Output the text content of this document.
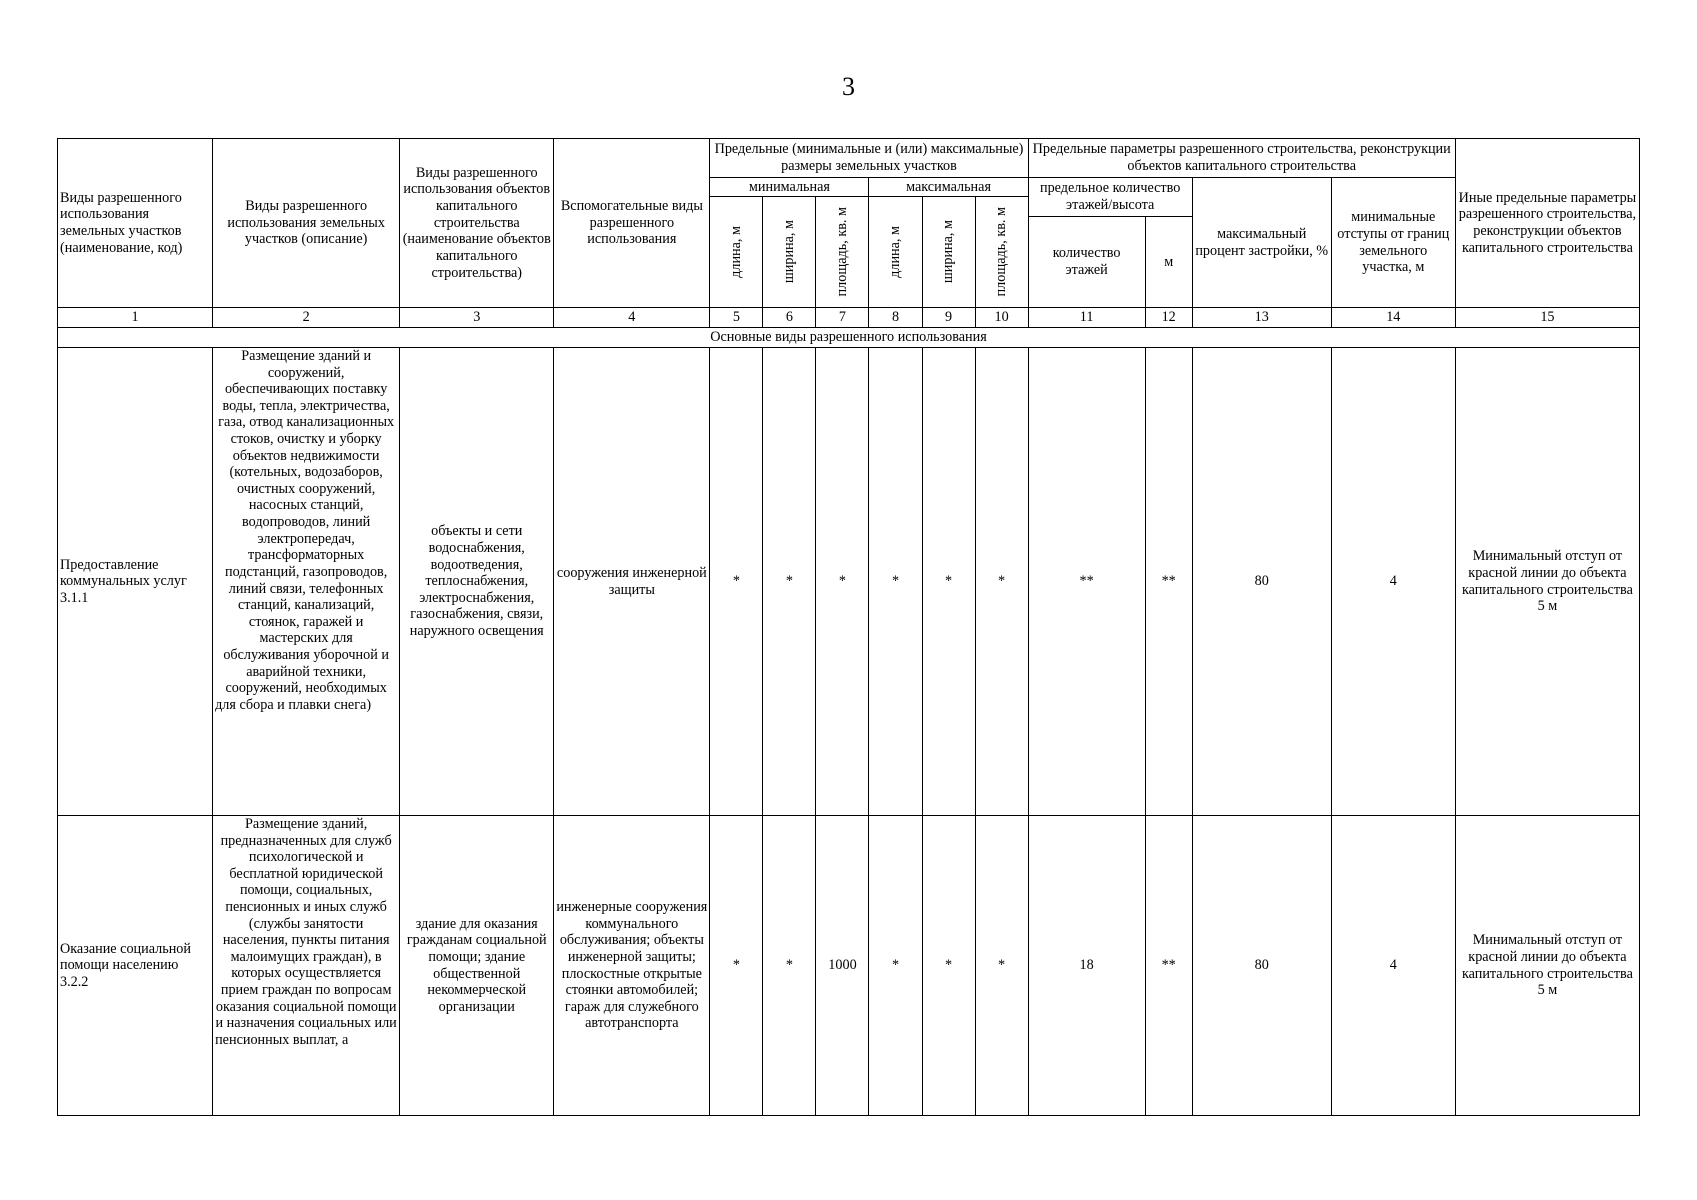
3
Виды разрешенного использования земельных участков (наименование, код)	Виды разрешенного использования земельных участков (описание)	Виды разрешенного использования объектов капитального строительства (наименование объектов капитального строительства)	Вспомогательные виды разрешенного использования	Предельные (минимальные и (или) максимальные) размеры земельных участков						Предельные параметры разрешенного строительства, реконструкции объектов капитального строительства				Иные предельные параметры разрешенного строительства, реконструкции объектов капитального строительства
				минимальная			максимальная			предельное количество этажей/высота		максимальный процент застройки, %	минимальные отступы от границ земельного участка, м	

				длина, м	ширина, м	площадь, кв. м	длина, м	ширина, м	площадь, кв. м					

										количество этажей	м			
1	2	3	4	5	6	7	8	9	10	11	12	13	14	15
Основные виды разрешенного использования														
Предоставление коммунальных услуг 3.1.1	Размещение зданий и сооружений, обеспечивающих поставку воды, тепла, электричества, газа, отвод канализационных стоков, очистку и уборку объектов недвижимости (котельных, водозаборов, очистных сооружений, насосных станций, водопроводов, линий электропередач, трансформаторных подстанций, газопроводов, линий связи, телефонных станций, канализаций, стоянок, гаражей и мастерских для обслуживания уборочной и аварийной техники, сооружений, необходимых для сбора и плавки снега)	объекты и сети водоснабжения, водоотведения, теплоснабжения, электроснабжения, газоснабжения, связи, наружного освещения	сооружения инженерной защиты	*	*	*	*	*	*	**	**	80	4	Минимальный отступ от красной линии до объекта капитального строительства 5 м
Оказание социальной помощи населению 3.2.2	Размещение зданий, предназначенных для служб психологической и бесплатной юридической помощи, социальных, пенсионных и иных служб (службы занятости населения, пункты питания малоимущих граждан), в которых осуществляется прием граждан по вопросам оказания социальной помощи и назначения социальных или пенсионных выплат, а	здание для оказания гражданам социальной помощи; здание общественной некоммерческой организации	инженерные сооружения коммунального обслуживания; объекты инженерной защиты; плоскостные открытые стоянки автомобилей; гараж для служебного автотранспорта	*	*	1000	*	*	*	18	**	80	4	Минимальный отступ от красной линии до объекта капитального строительства 5 м
